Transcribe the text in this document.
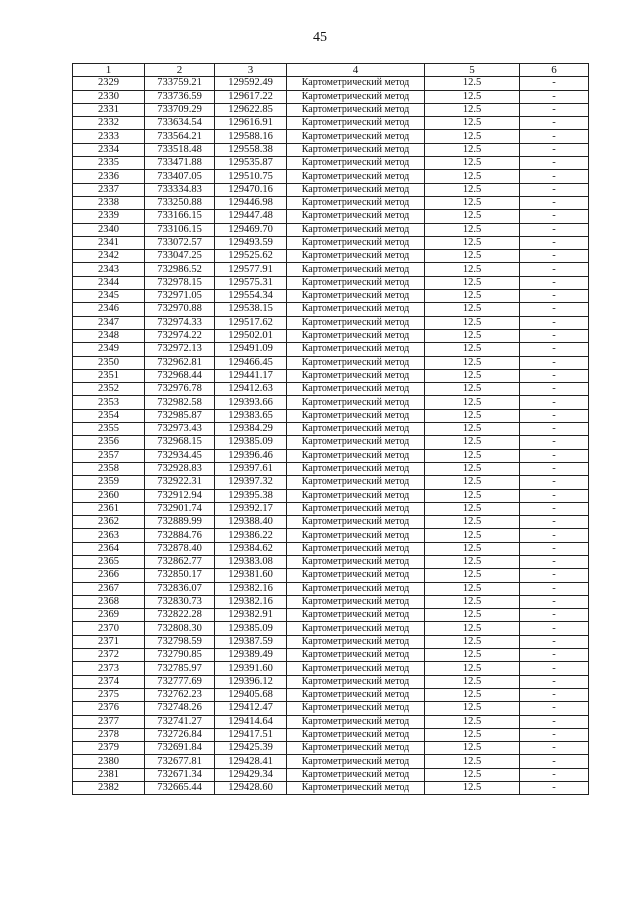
45
1	2	3	4	5	6
2329	733759.21	129592.49	Картометрический метод	12.5	-
2330	733736.59	129617.22	Картометрический метод	12.5	-
2331	733709.29	129622.85	Картометрический метод	12.5	-
2332	733634.54	129616.91	Картометрический метод	12.5	-
2333	733564.21	129588.16	Картометрический метод	12.5	-
2334	733518.48	129558.38	Картометрический метод	12.5	-
2335	733471.88	129535.87	Картометрический метод	12.5	-
2336	733407.05	129510.75	Картометрический метод	12.5	-
2337	733334.83	129470.16	Картометрический метод	12.5	-
2338	733250.88	129446.98	Картометрический метод	12.5	-
2339	733166.15	129447.48	Картометрический метод	12.5	-
2340	733106.15	129469.70	Картометрический метод	12.5	-
2341	733072.57	129493.59	Картометрический метод	12.5	-
2342	733047.25	129525.62	Картометрический метод	12.5	-
2343	732986.52	129577.91	Картометрический метод	12.5	-
2344	732978.15	129575.31	Картометрический метод	12.5	-
2345	732971.05	129554.34	Картометрический метод	12.5	-
2346	732970.88	129538.15	Картометрический метод	12.5	-
2347	732974.33	129517.62	Картометрический метод	12.5	-
2348	732974.22	129502.01	Картометрический метод	12.5	-
2349	732972.13	129491.09	Картометрический метод	12.5	-
2350	732962.81	129466.45	Картометрический метод	12.5	-
2351	732968.44	129441.17	Картометрический метод	12.5	-
2352	732976.78	129412.63	Картометрический метод	12.5	-
2353	732982.58	129393.66	Картометрический метод	12.5	-
2354	732985.87	129383.65	Картометрический метод	12.5	-
2355	732973.43	129384.29	Картометрический метод	12.5	-
2356	732968.15	129385.09	Картометрический метод	12.5	-
2357	732934.45	129396.46	Картометрический метод	12.5	-
2358	732928.83	129397.61	Картометрический метод	12.5	-
2359	732922.31	129397.32	Картометрический метод	12.5	-
2360	732912.94	129395.38	Картометрический метод	12.5	-
2361	732901.74	129392.17	Картометрический метод	12.5	-
2362	732889.99	129388.40	Картометрический метод	12.5	-
2363	732884.76	129386.22	Картометрический метод	12.5	-
2364	732878.40	129384.62	Картометрический метод	12.5	-
2365	732862.77	129383.08	Картометрический метод	12.5	-
2366	732850.17	129381.60	Картометрический метод	12.5	-
2367	732836.07	129382.16	Картометрический метод	12.5	-
2368	732830.73	129382.16	Картометрический метод	12.5	-
2369	732822.28	129382.91	Картометрический метод	12.5	-
2370	732808.30	129385.09	Картометрический метод	12.5	-
2371	732798.59	129387.59	Картометрический метод	12.5	-
2372	732790.85	129389.49	Картометрический метод	12.5	-
2373	732785.97	129391.60	Картометрический метод	12.5	-
2374	732777.69	129396.12	Картометрический метод	12.5	-
2375	732762.23	129405.68	Картометрический метод	12.5	-
2376	732748.26	129412.47	Картометрический метод	12.5	-
2377	732741.27	129414.64	Картометрический метод	12.5	-
2378	732726.84	129417.51	Картометрический метод	12.5	-
2379	732691.84	129425.39	Картометрический метод	12.5	-
2380	732677.81	129428.41	Картометрический метод	12.5	-
2381	732671.34	129429.34	Картометрический метод	12.5	-
2382	732665.44	129428.60	Картометрический метод	12.5	-
